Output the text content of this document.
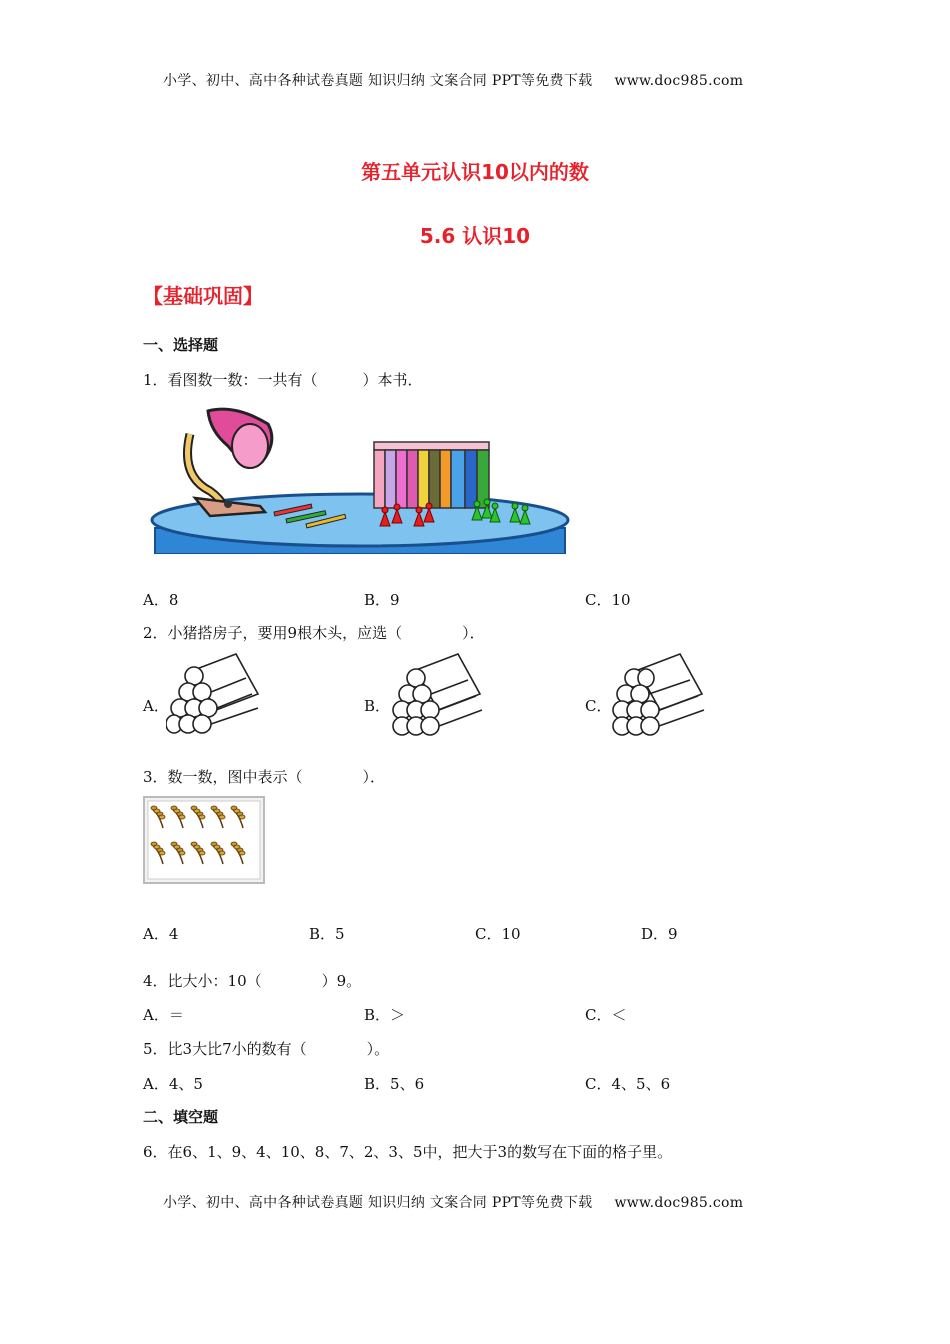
小学、初中、高中各种试卷真题 知识归纳 文案合同 PPT等免费下载 www.doc985.com
第五单元认识10以内的数
5.6 认识10
【基础巩固】
一、选择题
1．看图数一数：一共有（　　　）本书．
A．8	B．9	C．10
2．小猪搭房子，要用9根木头，应选（　　　　）．
A．	B．	C．
3．数一数，图中表示（　　　　）．
A．4	B．5	C．10	D．9
4．比大小：10（　　　　）9。
A．＝	B．＞	C．＜
5．比3大比7小的数有（　　　　）。
A．4、5	B．5、6	C．4、5、6
二、填空题
6．在6、1、9、4、10、8、7、2、3、5中，把大于3的数写在下面的格子里。
小学、初中、高中各种试卷真题 知识归纳 文案合同 PPT等免费下载 www.doc985.com
